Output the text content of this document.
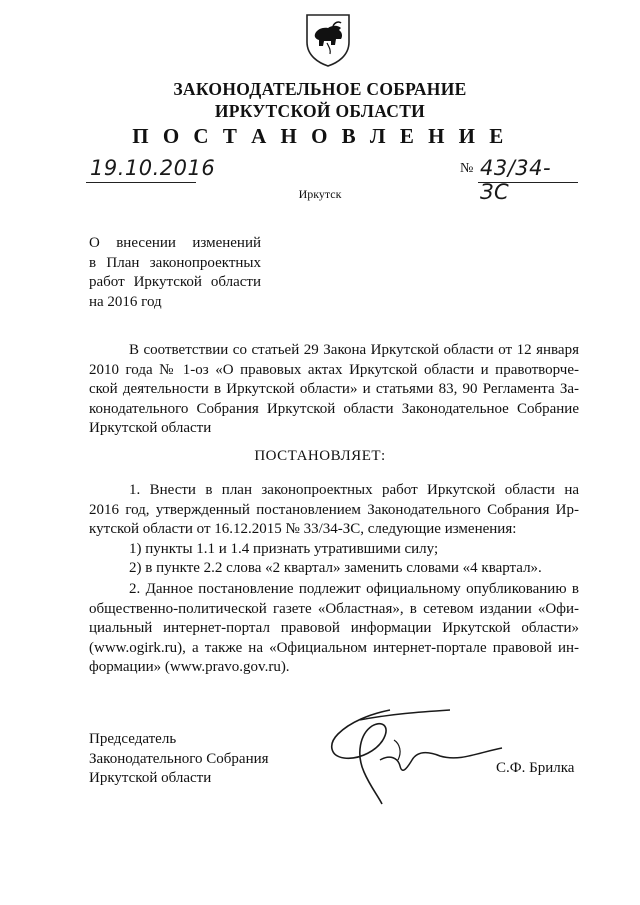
ЗАКОНОДАТЕЛЬНОЕ СОБРАНИЕ
ИРКУТСКОЙ ОБЛАСТИ
П О С Т А Н О В Л Е Н И Е
19.10.2016	№ 43/34-ЗС
Иркутск
О внесении изменений
в План законопроектных
работ Иркутской области
на 2016 год
В соответствии со статьей 29 Закона Иркутской области от 12 января
2010 года № 1-оз «О правовых актах Иркутской области и правотворче-
ской деятельности в Иркутской области» и статьями 83, 90 Регламента За-
конодательного Собрания Иркутской области Законодательное Собрание
Иркутской области
ПОСТАНОВЛЯЕТ:
1. Внести в план законопроектных работ Иркутской области на
2016 год, утвержденный постановлением Законодательного Собрания Ир-
кутской области от 16.12.2015 № 33/34-ЗС, следующие изменения:
1) пункты 1.1 и 1.4 признать утратившими силу;
2) в пункте 2.2 слова «2 квартал» заменить словами «4 квартал».
2. Данное постановление подлежит официальному опубликованию в
общественно-политической газете «Областная», в сетевом издании «Офи-
циальный интернет-портал правовой информации Иркутской области»
(www.ogirk.ru), а также на «Официальном интернет-портале правовой ин-
формации» (www.pravo.gov.ru).
Председатель
Законодательного Собрания
Иркутской области
С.Ф. Брилка
